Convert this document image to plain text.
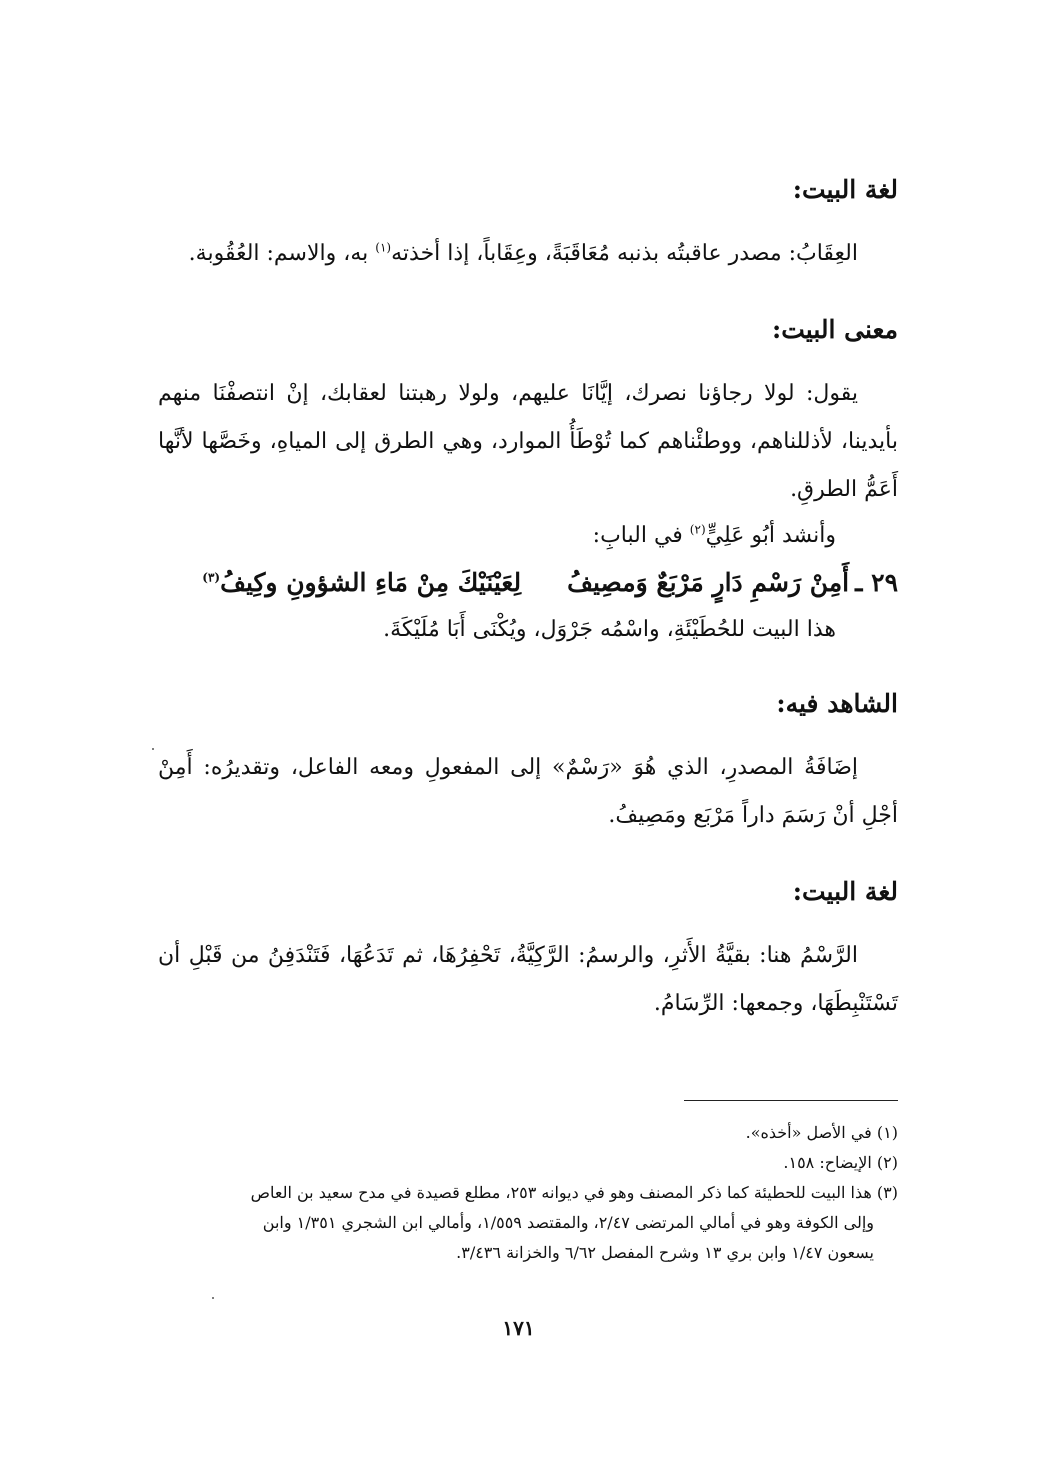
لغة البيت:

العِقَابُ: مصدر عاقبتُه بذنبه مُعَاقَبَةً، وعِقَاباً، إذا أخذته$^{(١)}$ به، والاسم: العُقُوبة.

معنى البيت:

يقول: لولا رجاؤنا نصرك، إيَّانَا عليهم، ولولا رهبتنا لعقابك، إنْ انتصفْنَا منهم بأيدينا، لأذللناهم، ووطئْناهم كما تُوْطَأُ الموارد، وهي الطرق إلى المياهِ، وخَصَّها لأنَّها أَعَمُّ الطرقِ.

وأنشد أبُو عَلِيٍّ$^{(٢)}$ في البابِ:

٢٩ ـ
أَمِنْ رَسْمِ دَارٍ مَرْبَعٌ وَمصِيفُ
لِعَيْنَيْكَ مِنْ مَاءِ الشؤونِ وكِيفُ$^{(٣)}$

هذا البيت للحُطَيْئَةِ، واسْمُه جَرْوَل، ويُكْنَى أَبَا مُلَيْكَةَ.

الشاهد فيه:

إضَافَةُ المصدرِ، الذي هُوَ «رَسْمٌ» إلى المفعولِ ومعه الفاعل، وتقديرُه: أَمِنْ أجْلِ أنْ رَسَمَ داراً مَرْبَع ومَصِيفُ.

لغة البيت:

الرَّسْمُ هنا: بقيَّةُ الأَثرِ، والرسمُ: الرَّكِيَّةُ، تَحْفِرُهَا، ثم تَدَعُهَا، فَتَنْدَفِنُ من قَبْلِ أن تَسْتَنْبِطَهَا، وجمعها: الرِّسَامُ.

(١) في الأصل «أخذه».

(٢) الإيضاح: ١٥٨.

(٣) هذا البيت للحطيئة كما ذكر المصنف وهو في ديوانه ٢٥٣، مطلع قصيدة في مدح سعيد بن العاص

وإلى الكوفة وهو في أمالي المرتضى ٢/٤٧، والمقتصد ١/٥٥٩، وأمالي ابن الشجري ١/٣٥١ وابن

يسعون ١/٤٧ وابن بري ١٣ وشرح المفصل ٦/٦٢ والخزانة ٣/٤٣٦.

١٧١
